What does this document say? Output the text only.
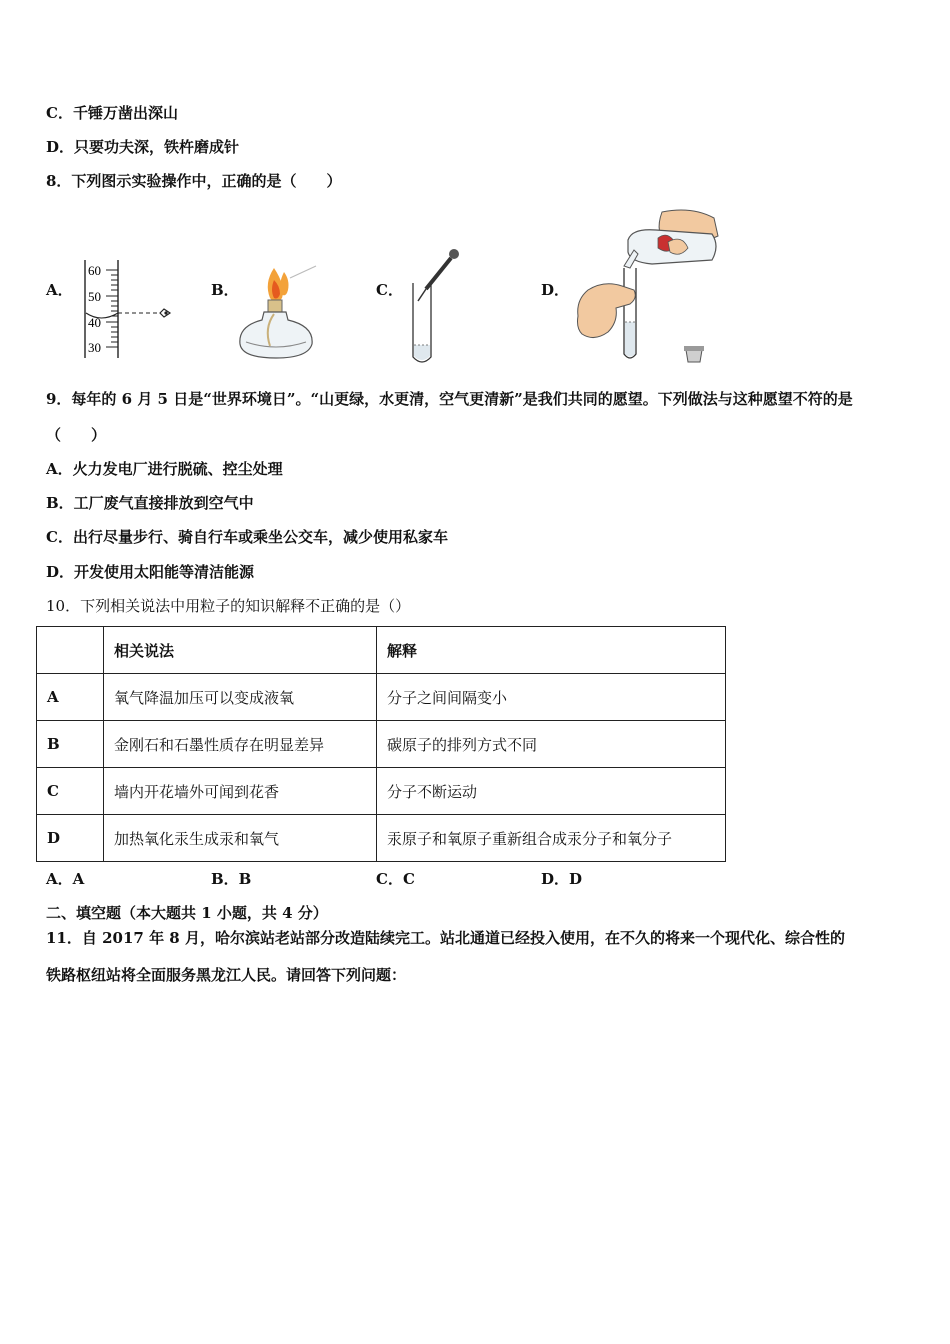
C．千锤万凿出深山
D．只要功夫深，铁杵磨成针
8．下列图示实验操作中，正确的是（　　）
A．	B．	C．	D．
60
50
40
30
9．每年的 6 月 5 日是“世界环境日”。“山更绿，水更清，空气更清新”是我们共同的愿望。下列做法与这种愿望不符的是
（　　）
A．火力发电厂进行脱硫、控尘处理
B．工厂废气直接排放到空气中
C．出行尽量步行、骑自行车或乘坐公交车，减少使用私家车
D．开发使用太阳能等清洁能源
10．下列相关说法中用粒子的知识解释不正确的是（）
	相关说法	解释
A	氧气降温加压可以变成液氧	分子之间间隔变小
B	金刚石和石墨性质存在明显差异	碳原子的排列方式不同
C	墙内开花墙外可闻到花香	分子不断运动
D	加热氧化汞生成汞和氧气	汞原子和氧原子重新组合成汞分子和氧分子
A．A	B．B	C．C	D．D
二、填空题（本大题共 1 小题，共 4 分）
11．自 2017 年 8 月，哈尔滨站老站部分改造陆续完工。站北通道已经投入使用，在不久的将来一个现代化、综合性的
铁路枢纽站将全面服务黑龙江人民。请回答下列问题：
